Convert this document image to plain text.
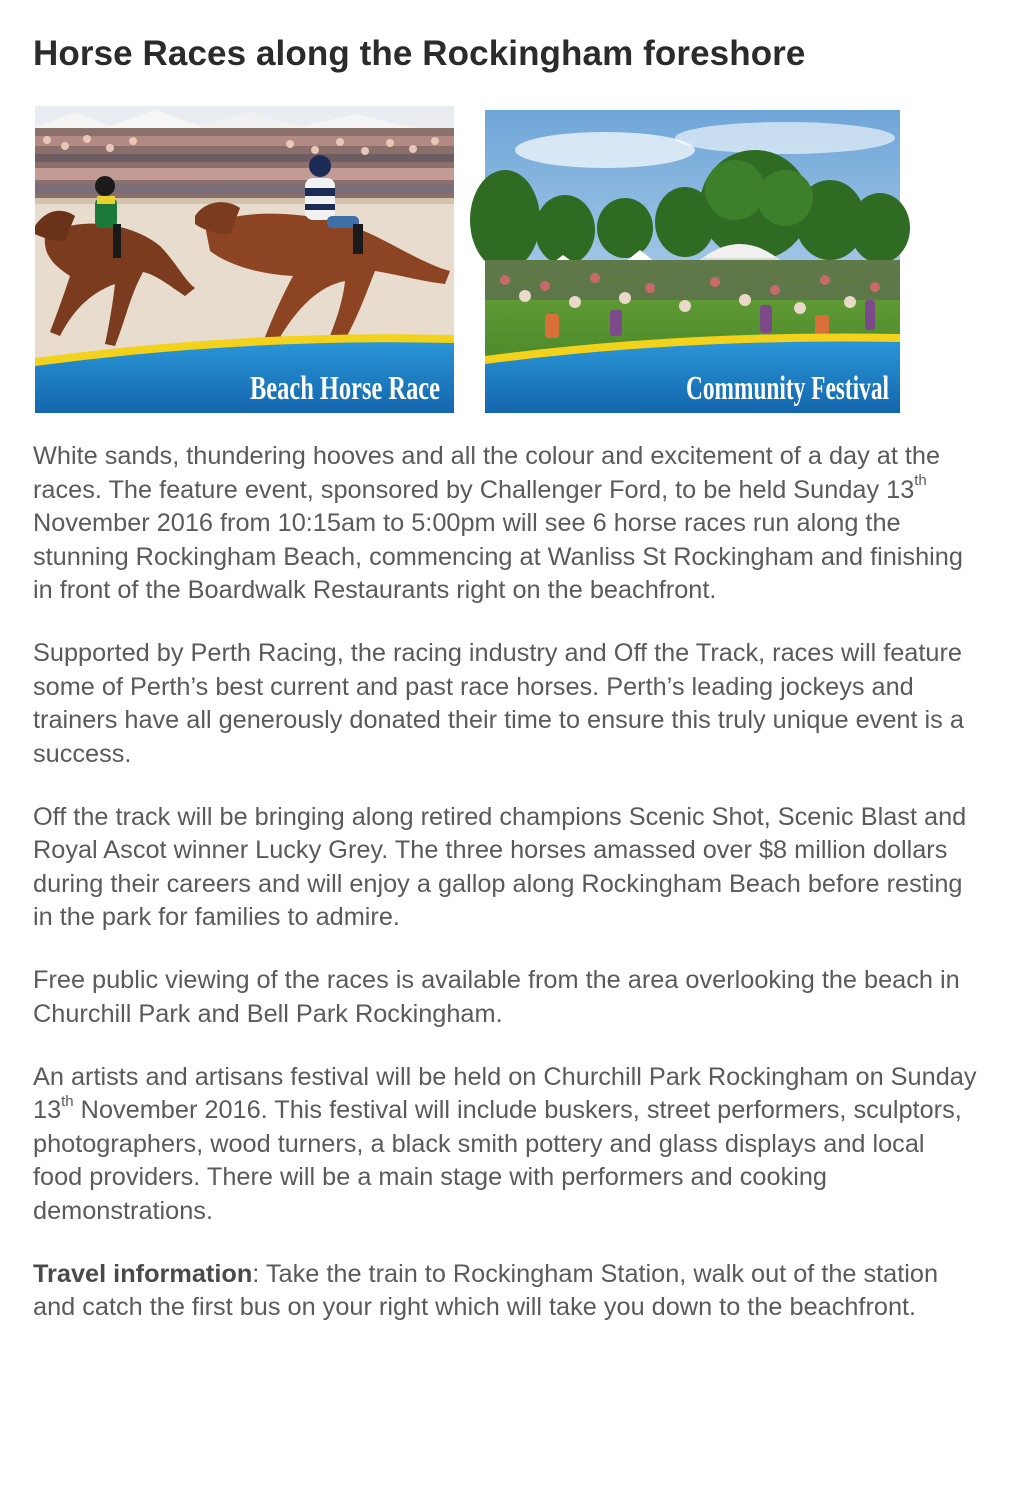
Horse Races along the Rockingham foreshore
Beach Horse Race	Community Festival

White sands, thundering hooves and all the colour and excitement of a day at the races. The feature event, sponsored by Challenger Ford, to be held Sunday 13th November 2016 from 10:15am to 5:00pm will see 6 horse races run along the stunning Rockingham Beach, commencing at Wanliss St Rockingham and finishing in front of the Boardwalk Restaurants right on the beachfront.

Supported by Perth Racing, the racing industry and Off the Track, races will feature some of Perth’s best current and past race horses. Perth’s leading jockeys and trainers have all generously donated their time to ensure this truly unique event is a success.

Off the track will be bringing along retired champions Scenic Shot, Scenic Blast and Royal Ascot winner Lucky Grey. The three horses amassed over $8 million dollars during their careers and will enjoy a gallop along Rockingham Beach before resting in the park for families to admire.

Free public viewing of the races is available from the area overlooking the beach in Churchill Park and Bell Park Rockingham.

An artists and artisans festival will be held on Churchill Park Rockingham on Sunday 13th November 2016. This festival will include buskers, street performers, sculptors, photographers, wood turners, a black smith pottery and glass displays and local food providers. There will be a main stage with performers and cooking demonstrations.

Travel information: Take the train to Rockingham Station, walk out of the station and catch the first bus on your right which will take you down to the beachfront.
